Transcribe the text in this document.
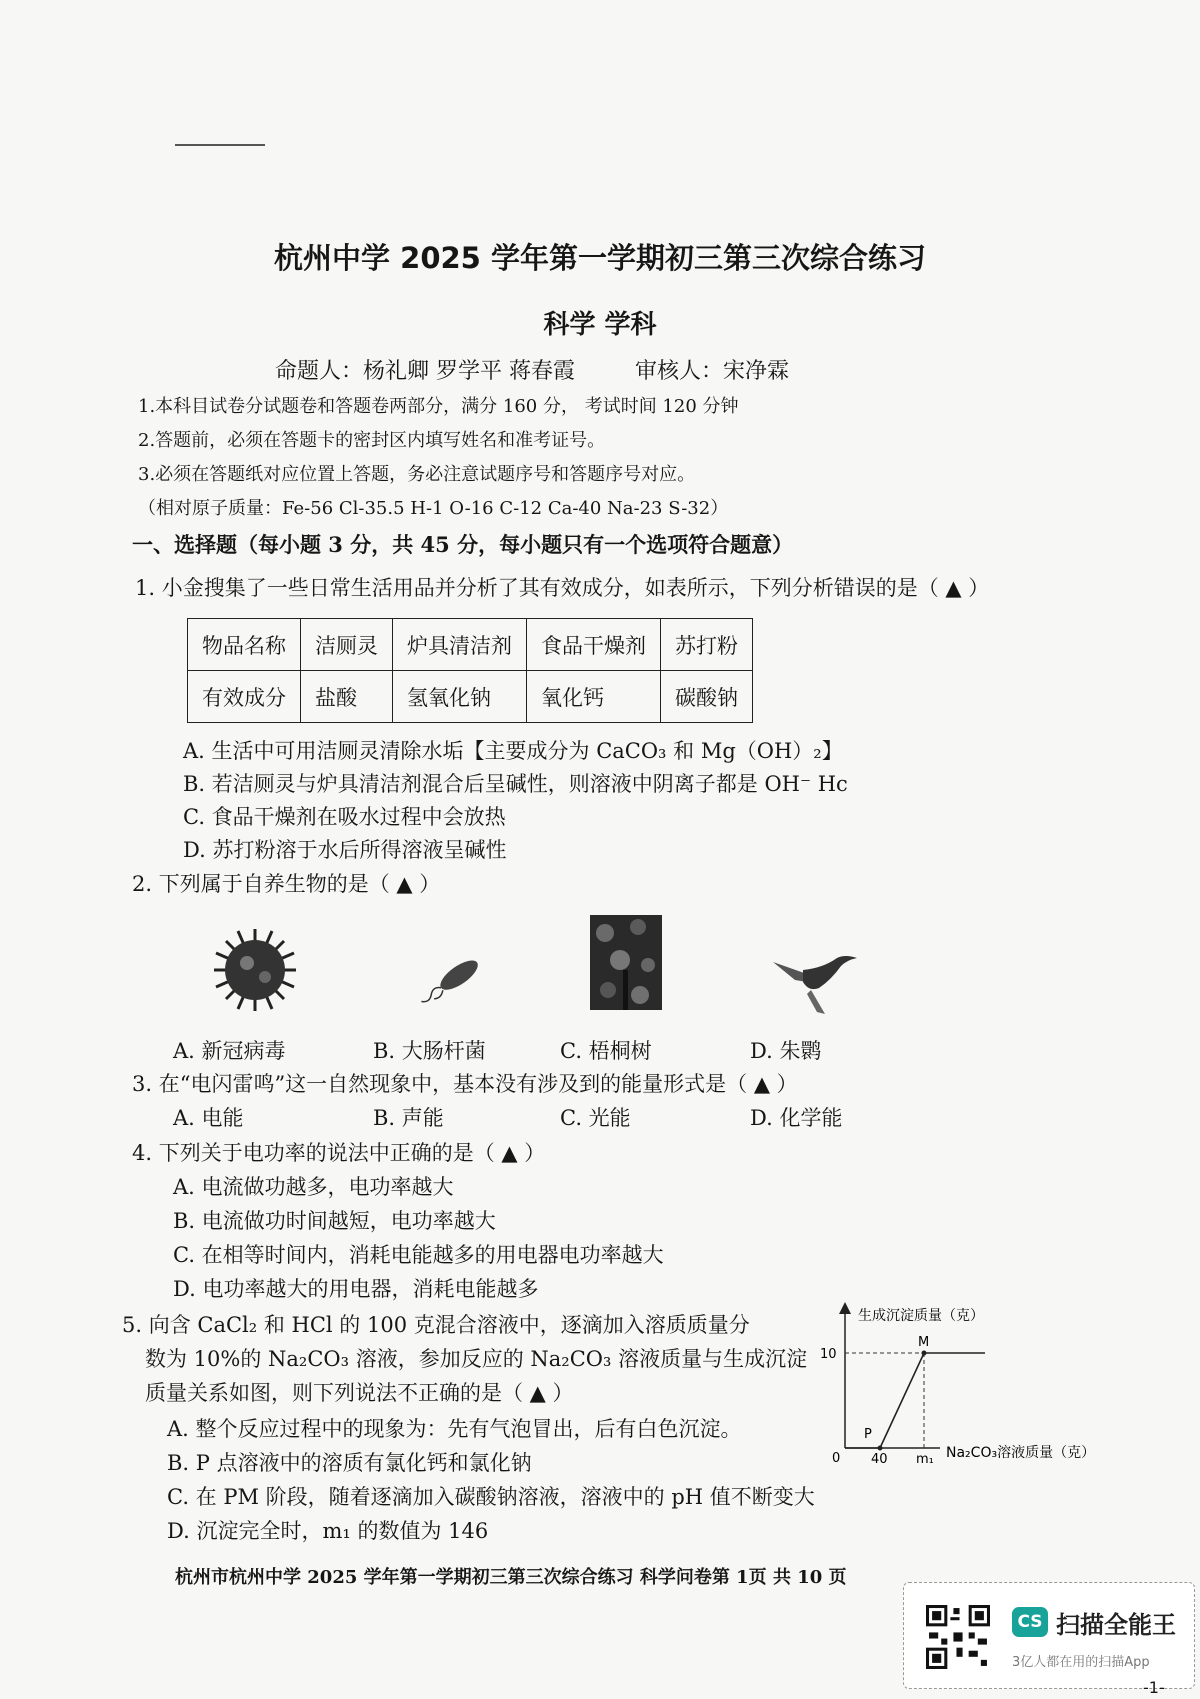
杭州中学 2025 学年第一学期初三第三次综合练习
科学 学科
命题人：杨礼卿 罗学平 蒋春霞	审核人：宋净霖
1.本科目试卷分试题卷和答题卷两部分，满分 160 分， 考试时间 120 分钟
2.答题前，必须在答题卡的密封区内填写姓名和准考证号。
3.必须在答题纸对应位置上答题，务必注意试题序号和答题序号对应。
（相对原子质量：Fe-56 Cl-35.5 H-1 O-16 C-12 Ca-40 Na-23 S-32）
一、选择题（每小题 3 分，共 45 分，每小题只有一个选项符合题意）
1. 小金搜集了一些日常生活用品并分析了其有效成分，如表所示，下列分析错误的是（ ▲ ）
物品名称	洁厕灵	炉具清洁剂	食品干燥剂	苏打粉
有效成分	盐酸	氢氧化钠	氧化钙	碳酸钠
A. 生活中可用洁厕灵清除水垢【主要成分为 CaCO₃ 和 Mg（OH）₂】
B. 若洁厕灵与炉具清洁剂混合后呈碱性，则溶液中阴离子都是 OH⁻ Hc
C. 食品干燥剂在吸水过程中会放热
D. 苏打粉溶于水后所得溶液呈碱性
2. 下列属于自养生物的是（ ▲ ）
A. 新冠病毒	B. 大肠杆菌	C. 梧桐树	D. 朱鹮
3. 在“电闪雷鸣”这一自然现象中，基本没有涉及到的能量形式是（ ▲ ）
A. 电能	B. 声能	C. 光能	D. 化学能
4. 下列关于电功率的说法中正确的是（ ▲ ）
A. 电流做功越多，电功率越大
B. 电流做功时间越短，电功率越大
C. 在相等时间内，消耗电能越多的用电器电功率越大
D. 电功率越大的用电器，消耗电能越多
5. 向含 CaCl₂ 和 HCl 的 100 克混合溶液中，逐滴加入溶质质量分
数为 10%的 Na₂CO₃ 溶液，参加反应的 Na₂CO₃ 溶液质量与生成沉淀
质量关系如图，则下列说法不正确的是（ ▲ ）
A. 整个反应过程中的现象为：先有气泡冒出，后有白色沉淀。
B. P 点溶液中的溶质有氯化钙和氯化钠
C. 在 PM 阶段，随着逐滴加入碳酸钠溶液，溶液中的 pH 值不断变大
D. 沉淀完全时，m₁ 的数值为 146
生成沉淀质量（克）
Na₂CO₃溶液质量（克）
0
10
40 m₁
P
M
杭州市杭州中学 2025 学年第一学期初三第三次综合练习 科学问卷第 1页 共 10 页
CS 扫描全能王
3亿人都在用的扫描App
-1-
